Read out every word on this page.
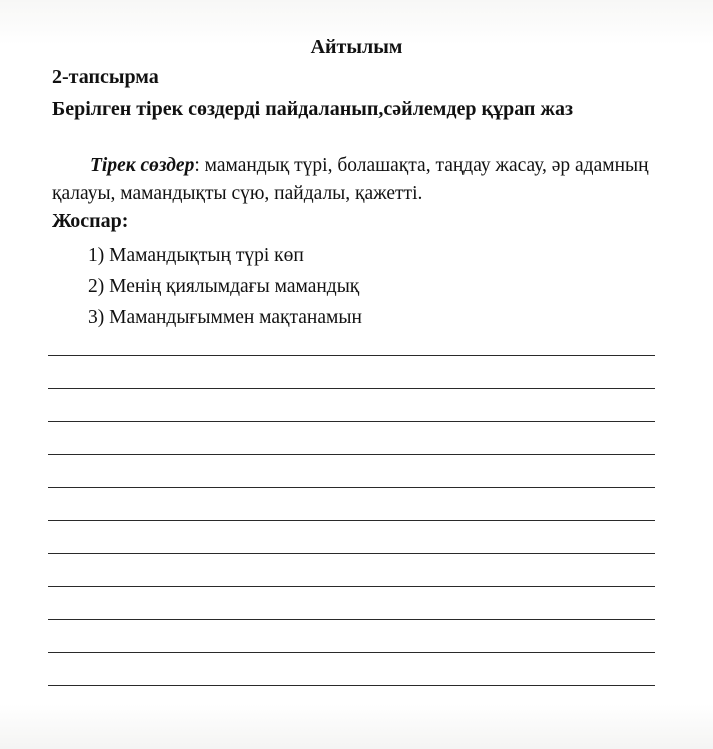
Айтылым
2-тапсырма
Берілген тірек сөздерді пайдаланып,сәйлемдер құрап жаз
Тірек сөздер: мамандық түрі, болашақта, таңдау жасау, әр адамның қалауы, мамандықты сүю, пайдалы, қажетті.
Жоспар:
1) Мамандықтың түрі көп
2) Менің қиялымдағы мамандық
3) Мамандығыммен мақтанамын
